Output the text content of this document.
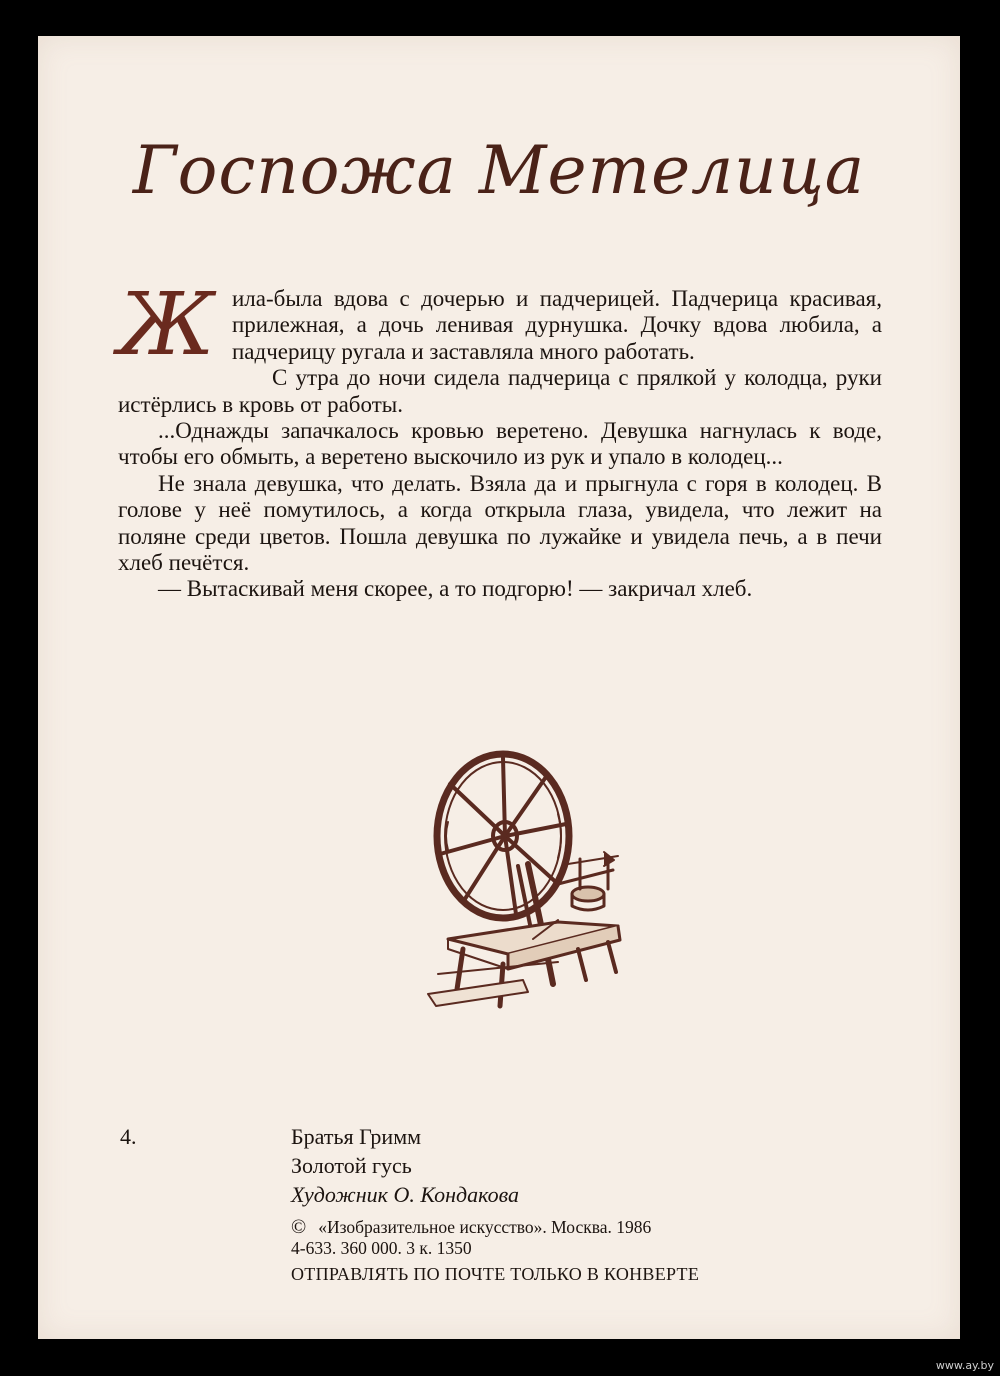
Госпожа Метелица

Жила-была вдова с дочерью и падчерицей. Падчерица красивая, прилежная, а дочь ленивая дурнушка. Дочку вдова любила, а падчерицу ругала и заставляла много работать.

С утра до ночи сидела падчерица с прялкой у колодца, руки истёрлись в кровь от работы.

...Однажды запачкалось кровью веретено. Девушка нагнулась к воде, чтобы его обмыть, а веретено выскочило из рук и упало в колодец...

Не знала девушка, что делать. Взяла да и прыгнула с горя в колодец. В голове у неё помутилось, а когда открыла глаза, увидела, что лежит на поляне среди цветов. Пошла девушка по лужайке и увидела печь, а в печи хлеб печётся.

— Вытаскивай меня скорее, а то подгорю! — закричал хлеб.

4.	Братья Гримм
Золотой гусь
Художник О. Кондакова
© «Изобразительное искусство». Москва. 1986
4-633. 360 000. 3 к. 1350
ОТПРАВЛЯТЬ ПО ПОЧТЕ ТОЛЬКО В КОНВЕРТЕ
www.ay.by
